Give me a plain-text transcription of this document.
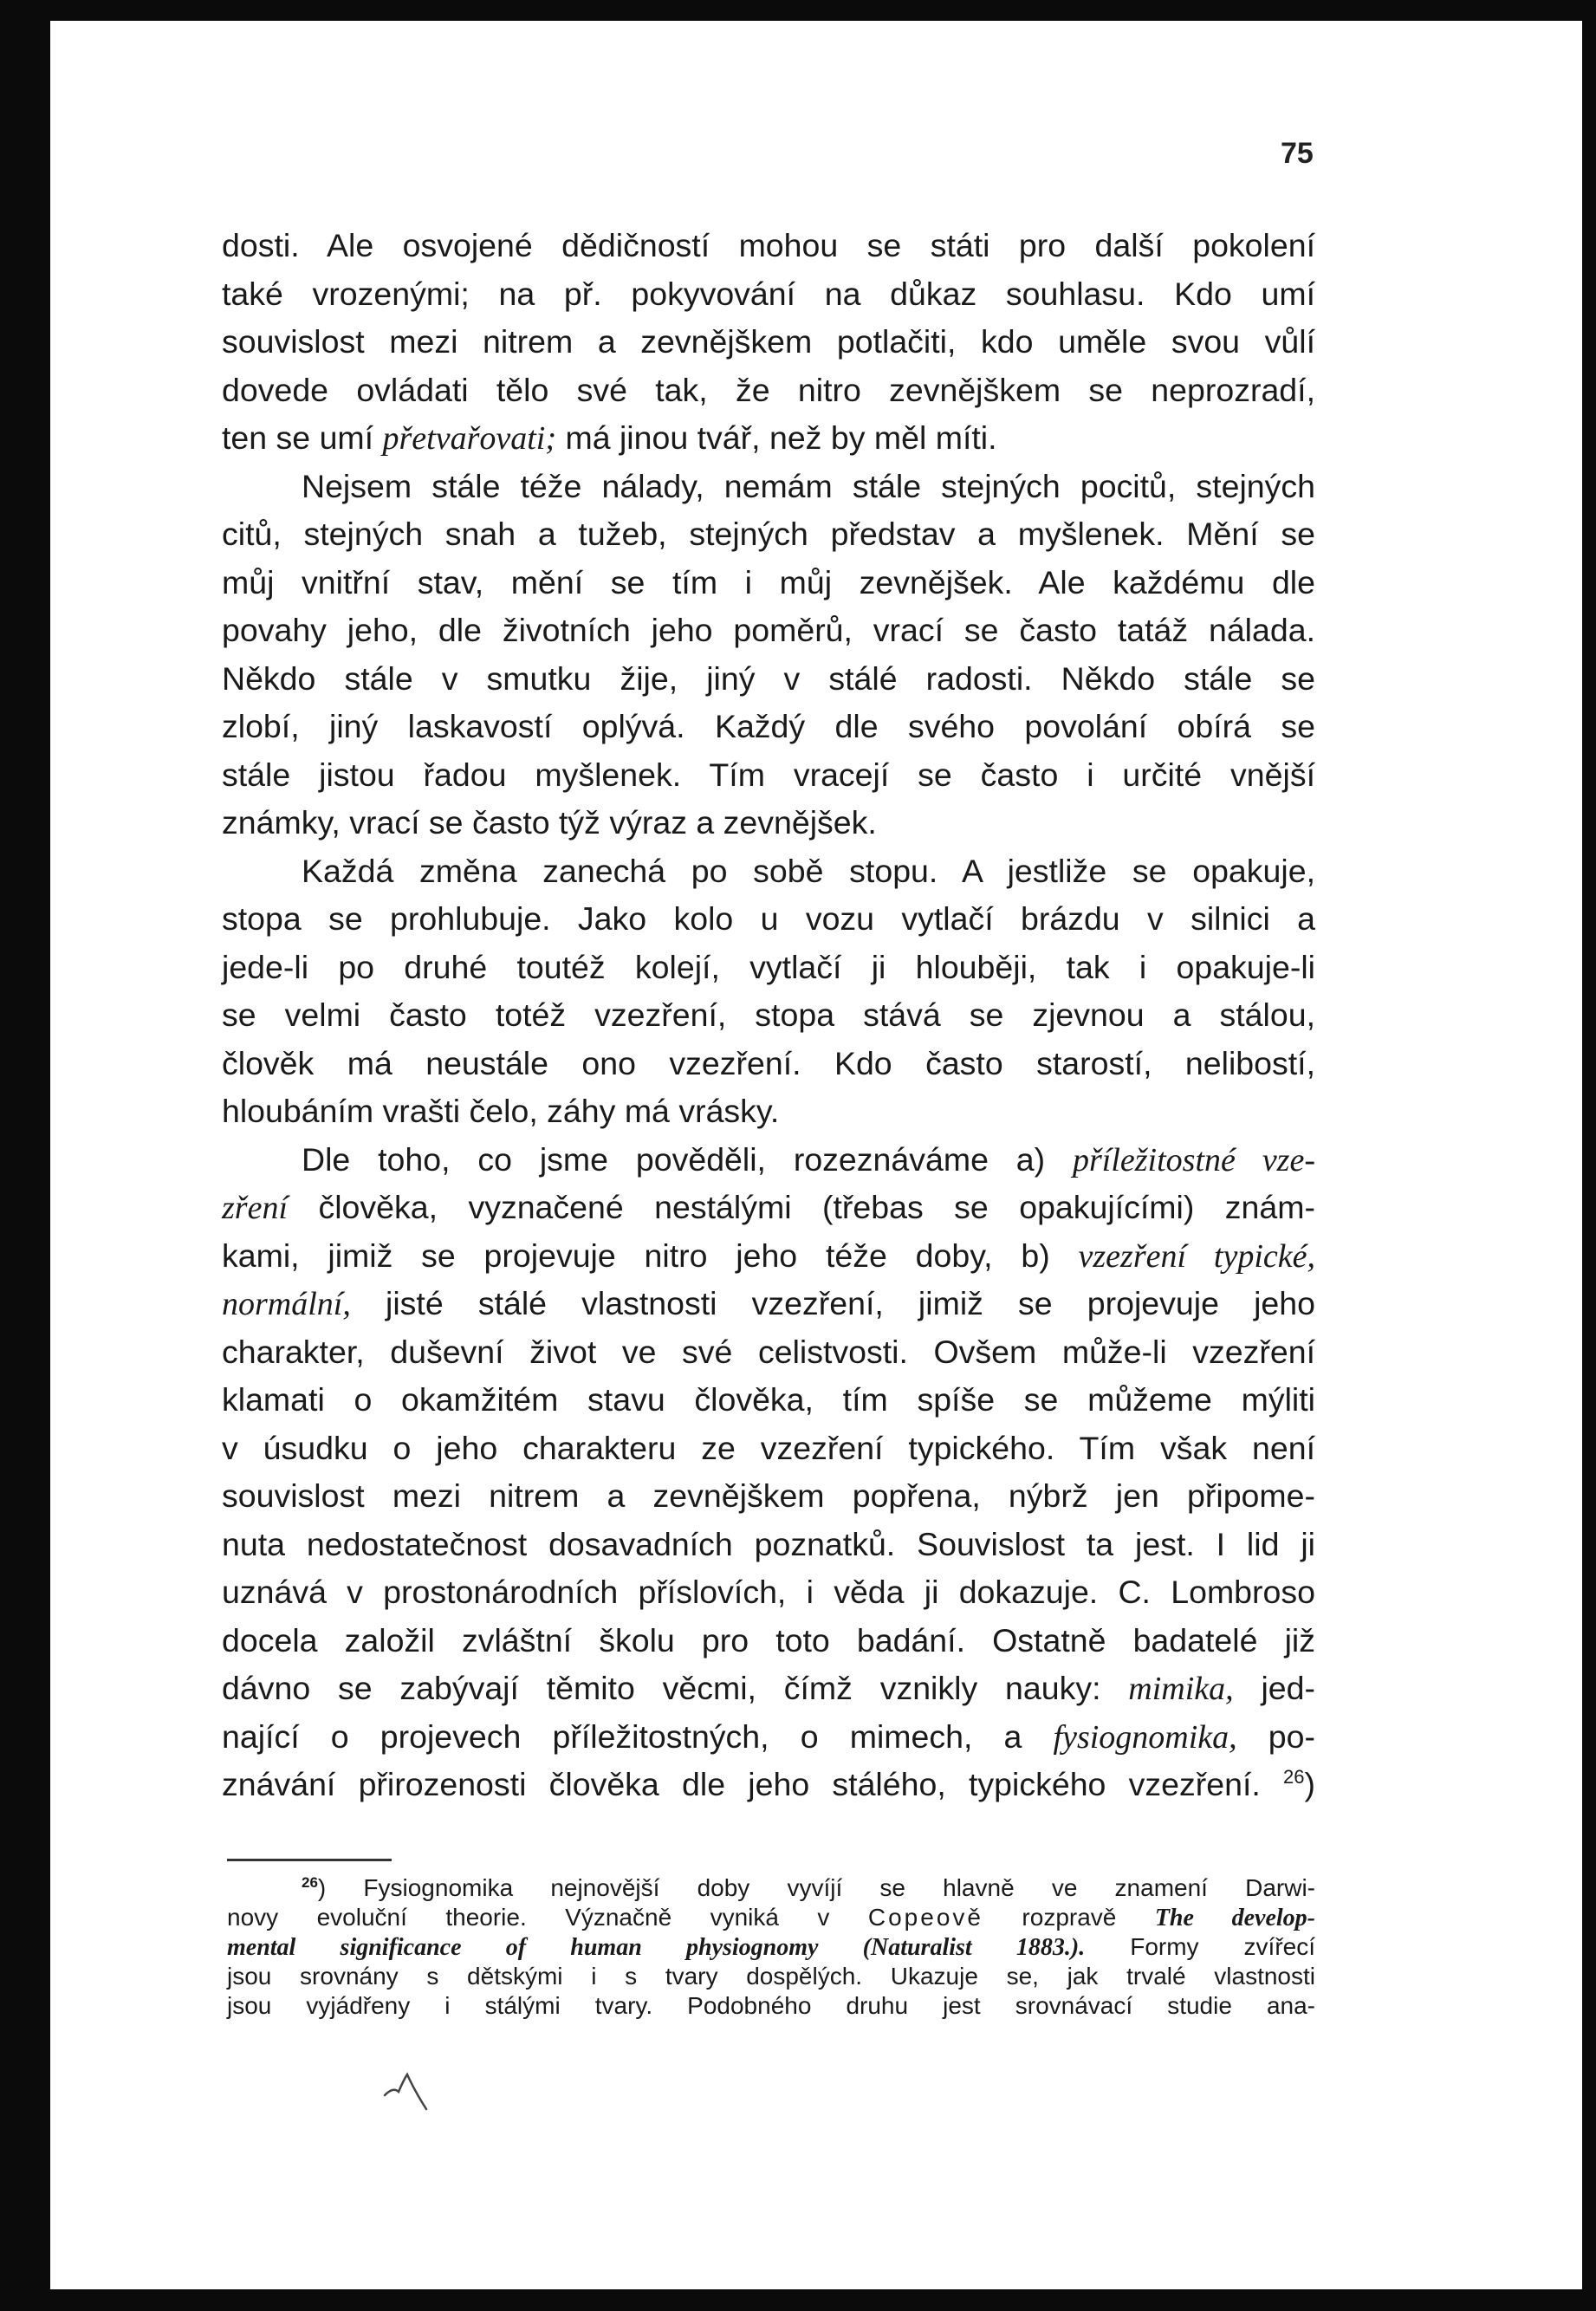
75
dosti. Ale osvojené dědičností mohou se státi pro další pokolení
také vrozenými; na př. pokyvování na důkaz souhlasu. Kdo umí
souvislost mezi nitrem a zevnějškem potlačiti, kdo uměle svou vůlí
dovede ovládati tělo své tak, že nitro zevnějškem se neprozradí,
ten se umí přetvařovati; má jinou tvář, než by měl míti.
Nejsem stále téže nálady, nemám stále stejných pocitů, stejných
citů, stejných snah a tužeb, stejných představ a myšlenek. Mění se
můj vnitřní stav, mění se tím i můj zevnějšek. Ale každému dle
povahy jeho, dle životních jeho poměrů, vrací se často tatáž nálada.
Někdo stále v smutku žije, jiný v stálé radosti. Někdo stále se
zlobí, jiný laskavostí oplývá. Každý dle svého povolání obírá se
stále jistou řadou myšlenek. Tím vracejí se často i určité vnější
známky, vrací se často týž výraz a zevnějšek.
Každá změna zanechá po sobě stopu. A jestliže se opakuje,
stopa se prohlubuje. Jako kolo u vozu vytlačí brázdu v silnici a
jede-li po druhé toutéž kolejí, vytlačí ji hlouběji, tak i opakuje-li
se velmi často totéž vzezření, stopa stává se zjevnou a stálou,
člověk má neustále ono vzezření. Kdo často starostí, nelibostí,
hloubáním vrašti čelo, záhy má vrásky.
Dle toho, co jsme pověděli, rozeznáváme a) příležitostné vze-
zření člověka, vyznačené nestálými (třebas se opakujícími) znám-
kami, jimiž se projevuje nitro jeho téže doby, b) vzezření typické,
normální, jisté stálé vlastnosti vzezření, jimiž se projevuje jeho
charakter, duševní život ve své celistvosti. Ovšem může-li vzezření
klamati o okamžitém stavu člověka, tím spíše se můžeme mýliti
v úsudku o jeho charakteru ze vzezření typického. Tím však není
souvislost mezi nitrem a zevnějškem popřena, nýbrž jen připome-
nuta nedostatečnost dosavadních poznatků. Souvislost ta jest. I lid ji
uznává v prostonárodních příslovích, i věda ji dokazuje. C. Lombroso
docela založil zvláštní školu pro toto badání. Ostatně badatelé již
dávno se zabývají těmito věcmi, čímž vznikly nauky: mimika, jed-
nající o projevech příležitostných, o mimech, a fysiognomika, po-
znávání přirozenosti člověka dle jeho stálého, typického vzezření. $^{26}$)
$^{26}$) Fysiognomika nejnovější doby vyvíjí se hlavně ve znamení Darwi-
novy evoluční theorie. Význačně vyniká v Copeově rozpravě The develop-
mental significance of human physiognomy (Naturalist 1883.). Formy zvířecí
jsou srovnány s dětskými i s tvary dospělých. Ukazuje se, jak trvalé vlastnosti
jsou vyjádřeny i stálými tvary. Podobného druhu jest srovnávací studie ana-
